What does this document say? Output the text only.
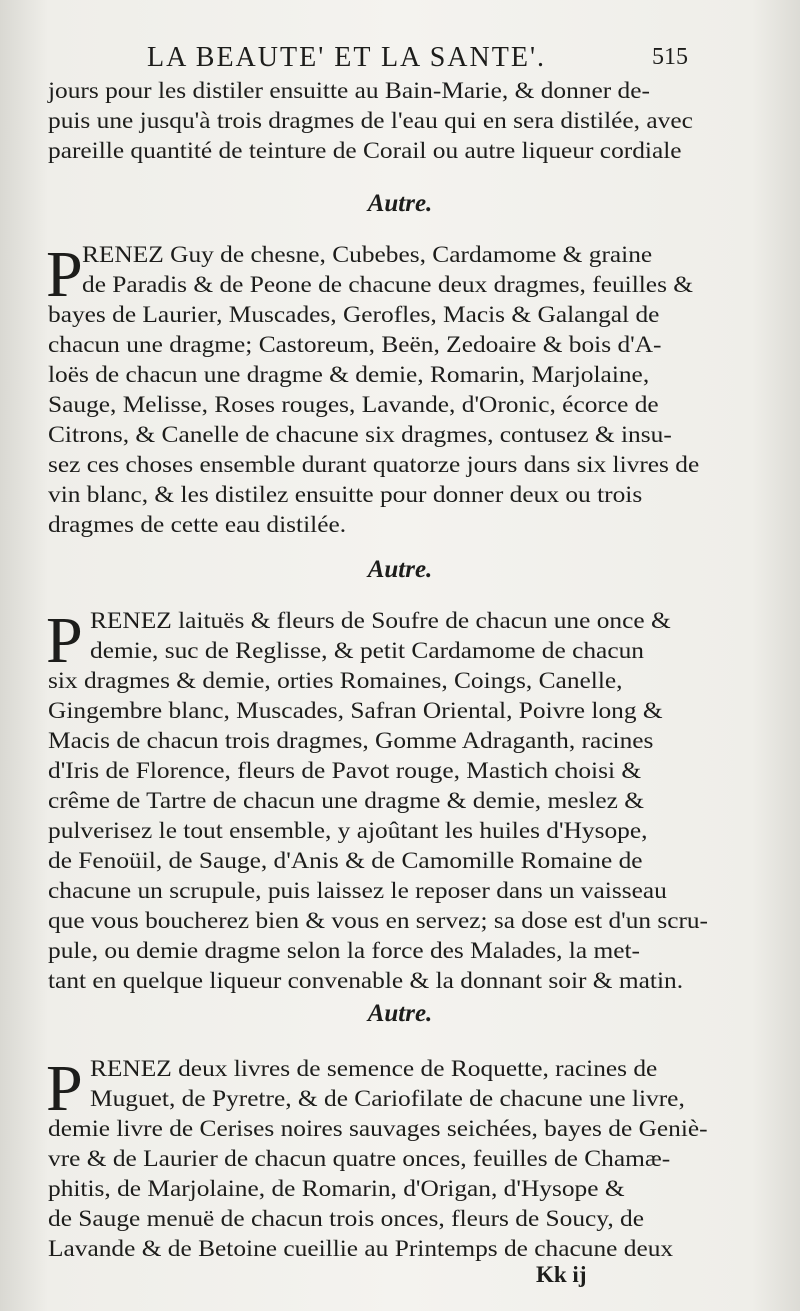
LA BEAUTE' ET LA SANTE'.	515
jours pour les distiler ensuitte au Bain-Marie, & donner de-
puis une jusqu'à trois dragmes de l'eau qui en sera distilée, avec
pareille quantité de teinture de Corail ou autre liqueur cordiale
Autre.
P RENEZ Guy de chesne, Cubebes, Cardamome & graine
de Paradis & de Peone de chacune deux dragmes, feuilles &
bayes de Laurier, Muscades, Gerofles, Macis & Galangal de
chacun une dragme; Castoreum, Beën, Zedoaire & bois d'A-
loës de chacun une dragme & demie, Romarin, Marjolaine,
Sauge, Melisse, Roses rouges, Lavande, d'Oronic, écorce de
Citrons, & Canelle de chacune six dragmes, contusez & insu-
sez ces choses ensemble durant quatorze jours dans six livres de
vin blanc, & les distilez ensuitte pour donner deux ou trois
dragmes de cette eau distilée.
Autre.
P RENEZ laituës & fleurs de Soufre de chacun une once &
demie, suc de Reglisse, & petit Cardamome de chacun
six dragmes & demie, orties Romaines, Coings, Canelle,
Gingembre blanc, Muscades, Safran Oriental, Poivre long &
Macis de chacun trois dragmes, Gomme Adraganth, racines
d'Iris de Florence, fleurs de Pavot rouge, Mastich choisi &
crême de Tartre de chacun une dragme & demie, meslez &
pulverisez le tout ensemble, y ajoûtant les huiles d'Hysope,
de Fenoüil, de Sauge, d'Anis & de Camomille Romaine de
chacune un scrupule, puis laissez le reposer dans un vaisseau
que vous boucherez bien & vous en servez; sa dose est d'un scru-
pule, ou demie dragme selon la force des Malades, la met-
tant en quelque liqueur convenable & la donnant soir & matin.
Autre.
P RENEZ deux livres de semence de Roquette, racines de
Muguet, de Pyretre, & de Cariofilate de chacune une livre,
demie livre de Cerises noires sauvages seichées, bayes de Geniè-
vre & de Laurier de chacun quatre onces, feuilles de Chamæ-
phitis, de Marjolaine, de Romarin, d'Origan, d'Hysope &
de Sauge menuë de chacun trois onces, fleurs de Soucy, de
Lavande & de Betoine cueillie au Printemps de chacune deux
Kk ij
